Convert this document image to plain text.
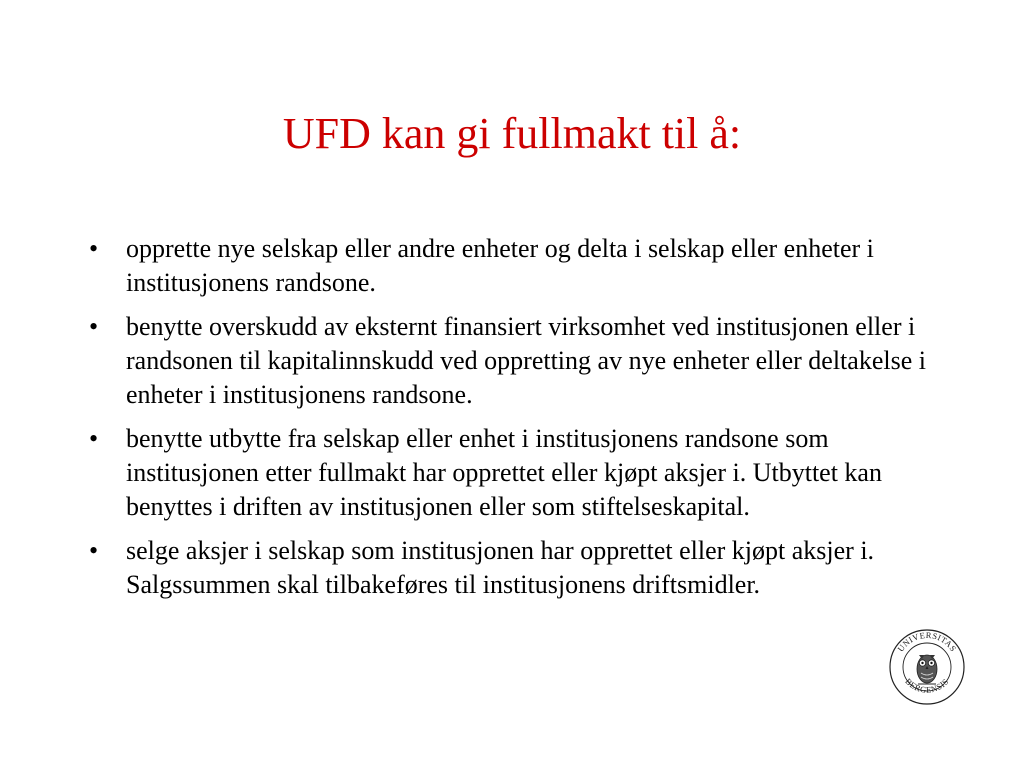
UFD kan gi fullmakt til å:
•	opprette nye selskap eller andre enheter og delta i selskap eller enheter i institusjonens randsone.
•	benytte overskudd av eksternt finansiert virksomhet ved institusjonen eller i randsonen til kapitalinnskudd ved oppretting av nye enheter eller deltakelse i enheter i institusjonens randsone.
•	benytte utbytte fra selskap eller enhet i institusjonens randsone som institusjonen etter fullmakt har opprettet eller kjøpt aksjer i. Utbyttet kan benyttes i driften av institusjonen eller som stiftelseskapital.
•	selge aksjer i selskap som institusjonen har opprettet eller kjøpt aksjer i. Salgssummen skal tilbakeføres til institusjonens driftsmidler.
UNIVERSITAS
BERGENSIS
